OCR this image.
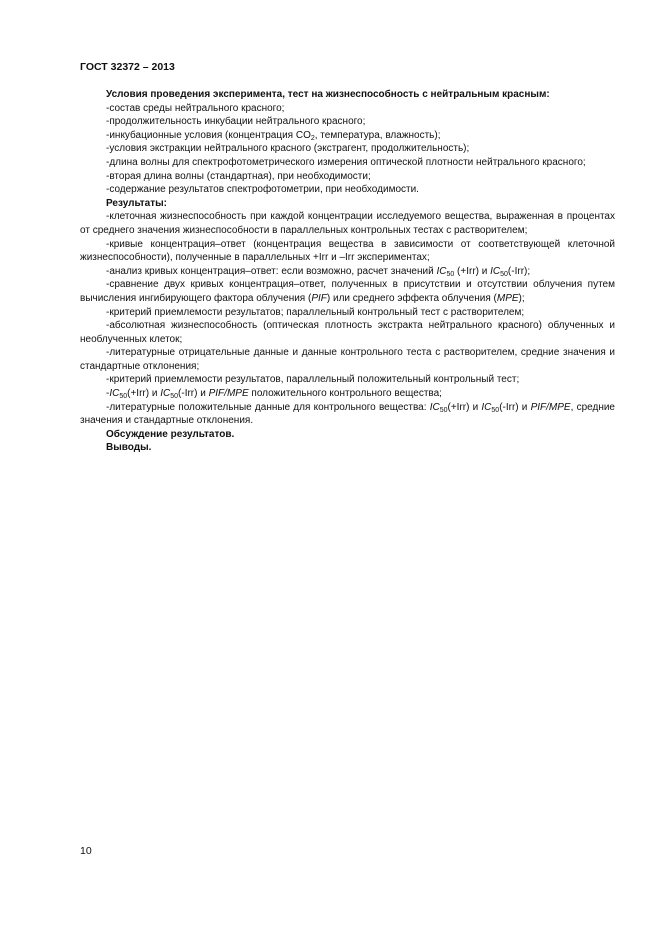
ГОСТ 32372 – 2013

Условия проведения эксперимента, тест на жизнеспособность с нейтральным красным:

-состав среды нейтрального красного;

-продолжительность инкубации нейтрального красного;

-инкубационные условия (концентрация $CO_2$, температура, влажность);

-условия экстракции нейтрального красного (экстрагент, продолжительность);

-длина волны для спектрофотометрического измерения оптической плотности нейтрального красного;

-вторая длина волны (стандартная), при необходимости;

-содержание результатов спектрофотометрии, при необходимости.

Результаты:

-клеточная жизнеспособность при каждой концентрации исследуемого вещества, выраженная в процентах от среднего значения жизнеспособности в параллельных контрольных тестах с растворителем;

-кривые концентрация–ответ (концентрация вещества в зависимости от соответствующей клеточной жизнеспособности), полученные в параллельных +Irr и –Irr экспериментах;

-анализ кривых концентрация–ответ: если возможно, расчет значений $IC_{50}$ (+Irr) и $IC_{50}(-Irr)$;

-сравнение двух кривых концентрация–ответ, полученных в присутствии и отсутствии облучения путем вычисления ингибирующего фактора облучения (PIF) или среднего эффекта облучения (MPE);

-критерий приемлемости результатов; параллельный контрольный тест с растворителем;

-абсолютная жизнеспособность (оптическая плотность экстракта нейтрального красного) облученных и необлученных клеток;

-литературные отрицательные данные и данные контрольного теста с растворителем, средние значения и стандартные отклонения;

-критерий приемлемости результатов, параллельный положительный контрольный тест;

$-IC_{50}(+Irr)$ и $IC_{50}(-Irr)$ и PIF/MPE положительного контрольного вещества;

-литературные положительные данные для контрольного вещества: $IC_{50}(+Irr)$ и $IC_{50}(-Irr)$ и PIF/MPE, средние значения и стандартные отклонения.

Обсуждение результатов.

Выводы.

10
